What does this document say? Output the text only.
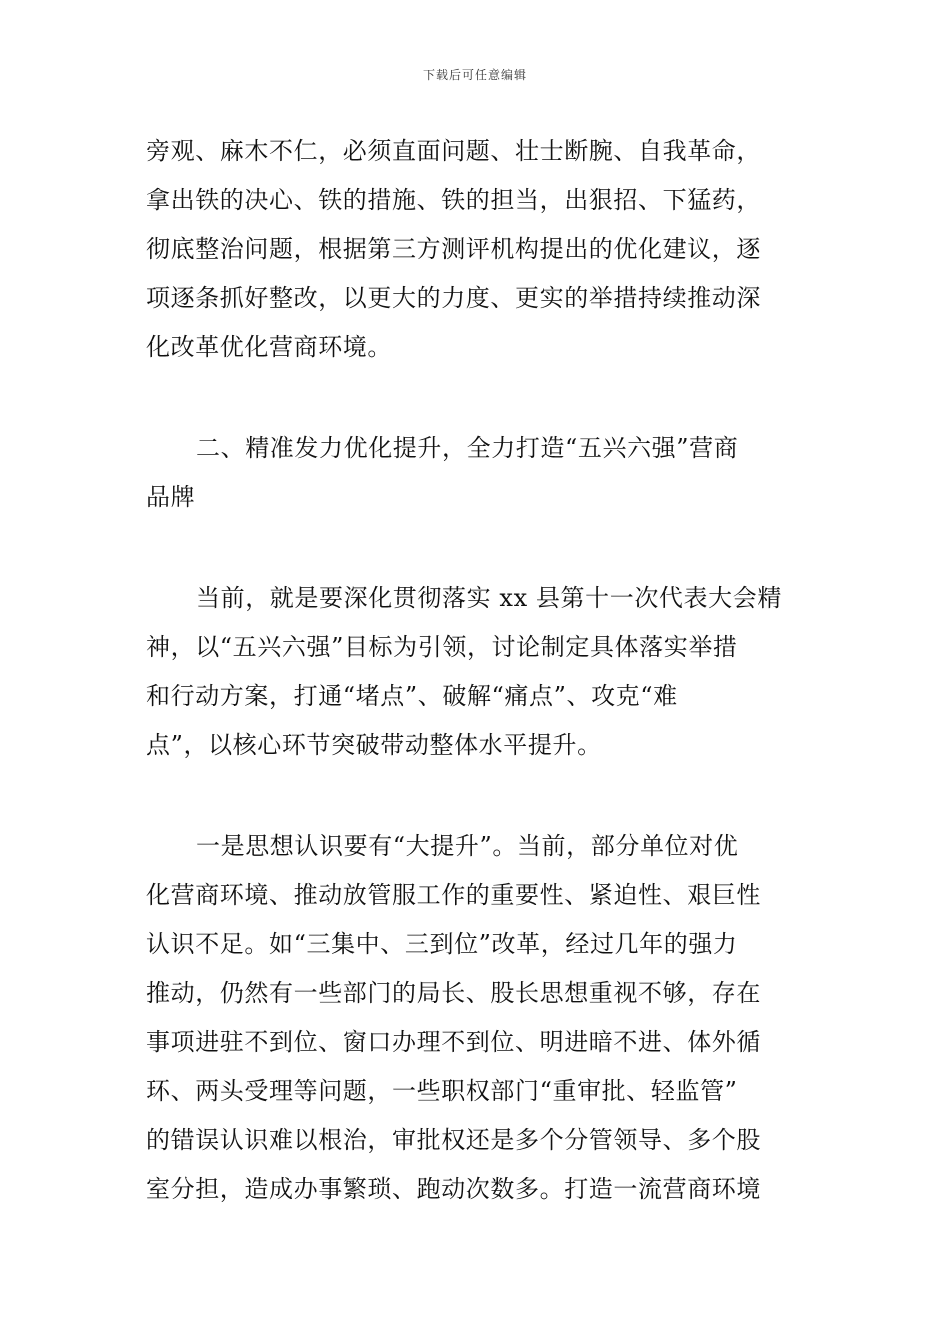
下载后可任意编辑
旁观、麻木不仁，必须直面问题、壮士断腕、自我革命，
拿出铁的决心、铁的措施、铁的担当，出狠招、下猛药，
彻底整治问题，根据第三方测评机构提出的优化建议，逐
项逐条抓好整改，以更大的力度、更实的举措持续推动深
化改革优化营商环境。
二、精准发力优化提升，全力打造“五兴六强”营商
品牌
当前，就是要深化贯彻落实 xx 县第十一次代表大会精
神，以“五兴六强”目标为引领，讨论制定具体落实举措
和行动方案，打通“堵点”、破解“痛点”、攻克“难
点”，以核心环节突破带动整体水平提升。
一是思想认识要有“大提升”。当前，部分单位对优
化营商环境、推动放管服工作的重要性、紧迫性、艰巨性
认识不足。如“三集中、三到位”改革，经过几年的强力
推动，仍然有一些部门的局长、股长思想重视不够，存在
事项进驻不到位、窗口办理不到位、明进暗不进、体外循
环、两头受理等问题，一些职权部门“重审批、轻监管”
的错误认识难以根治，审批权还是多个分管领导、多个股
室分担，造成办事繁琐、跑动次数多。打造一流营商环境
